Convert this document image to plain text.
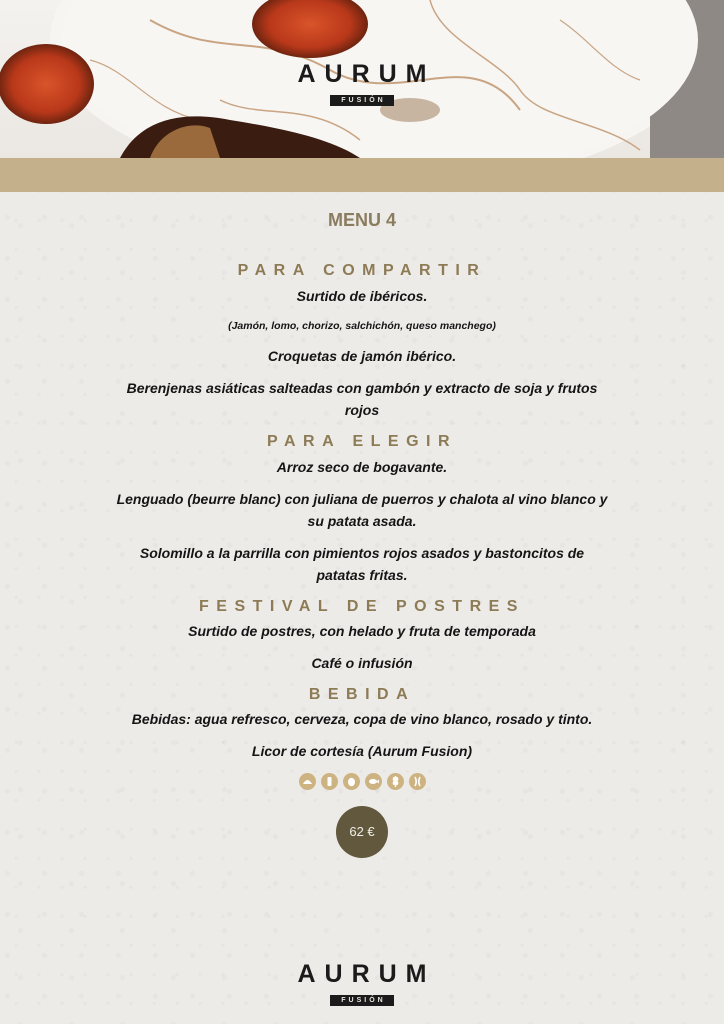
AURUM
FUSIÓN
MENU 4
PARA COMPARTIR
Surtido de ibéricos.
(Jamón, lomo, chorizo, salchichón, queso manchego)
Croquetas de jamón ibérico.
Berenjenas asiáticas salteadas con gambón y extracto de soja y frutos
rojos
PARA ELEGIR
Arroz seco de bogavante.
Lenguado (beurre blanc) con juliana de puerros y chalota al vino blanco y
su patata asada.
Solomillo a la parrilla con pimientos rojos asados y bastoncitos de
patatas fritas.
FESTIVAL DE POSTRES
Surtido de postres, con helado y fruta de temporada
Café o infusión
BEBIDA
Bebidas: agua refresco, cerveza, copa de vino blanco, rosado y tinto.
Licor de cortesía (Aurum Fusion)

62 €
AURUM
FUSIÓN
